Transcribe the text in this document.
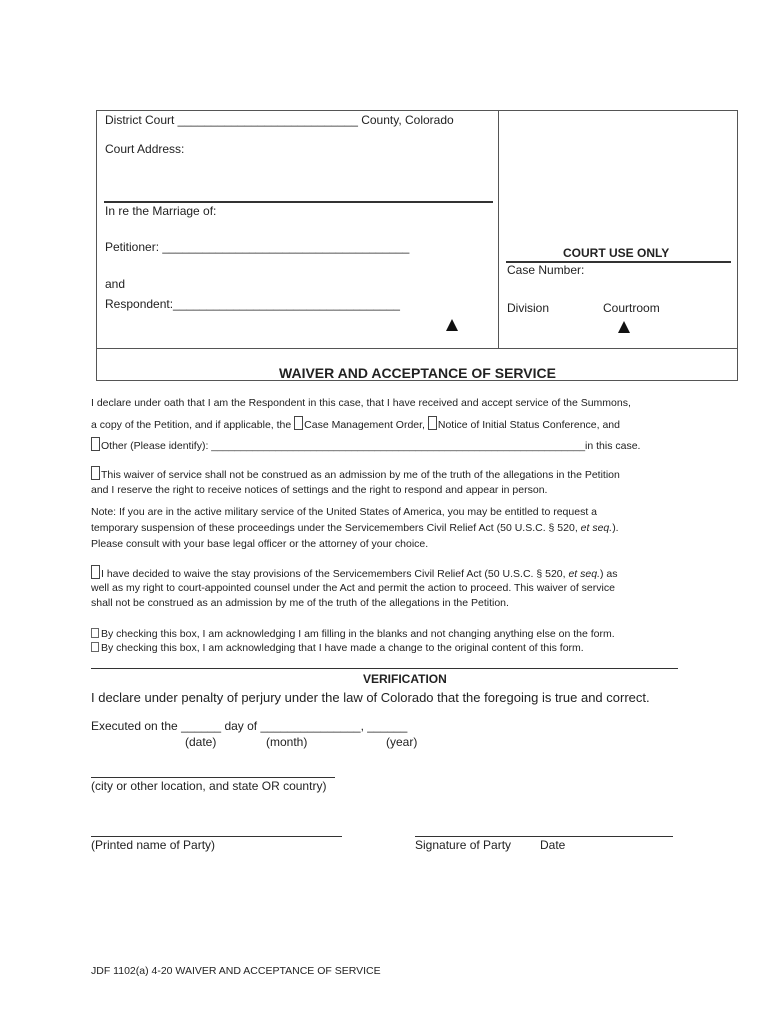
District Court ___________________________ County, Colorado
Court Address:
In re the Marriage of:
Petitioner: _____________________________________
and
Respondent:__________________________________
COURT USE ONLY
Case Number:
Division	Courtroom
WAIVER AND ACCEPTANCE OF SERVICE
I declare under oath that I am the Respondent in this case, that I have received and accept service of the Summons,
a copy of the Petition, and if applicable, the Case Management Order, Notice of Initial Status Conference, and
Other (Please identify): ________________________________________________________________in this case.
This waiver of service shall not be construed as an admission by me of the truth of the allegations in the Petition
and I reserve the right to receive notices of settings and the right to respond and appear in person.
Note: If you are in the active military service of the United States of America, you may be entitled to request a
temporary suspension of these proceedings under the Servicemembers Civil Relief Act (50 U.S.C. § 520, et seq.).
Please consult with your base legal officer or the attorney of your choice.
I have decided to waive the stay provisions of the Servicemembers Civil Relief Act (50 U.S.C. § 520, et seq.) as
well as my right to court-appointed counsel under the Act and permit the action to proceed. This waiver of service
shall not be construed as an admission by me of the truth of the allegations in the Petition.
By checking this box, I am acknowledging I am filling in the blanks and not changing anything else on the form.
By checking this box, I am acknowledging that I have made a change to the original content of this form.
VERIFICATION
I declare under penalty of perjury under the law of Colorado that the foregoing is true and correct.
Executed on the ______ day of _______________, ______
(date)	(month)	(year)
(city or other location, and state OR country)
(Printed name of Party)	Signature of Party Date
JDF 1102(a) 4-20 WAIVER AND ACCEPTANCE OF SERVICE
